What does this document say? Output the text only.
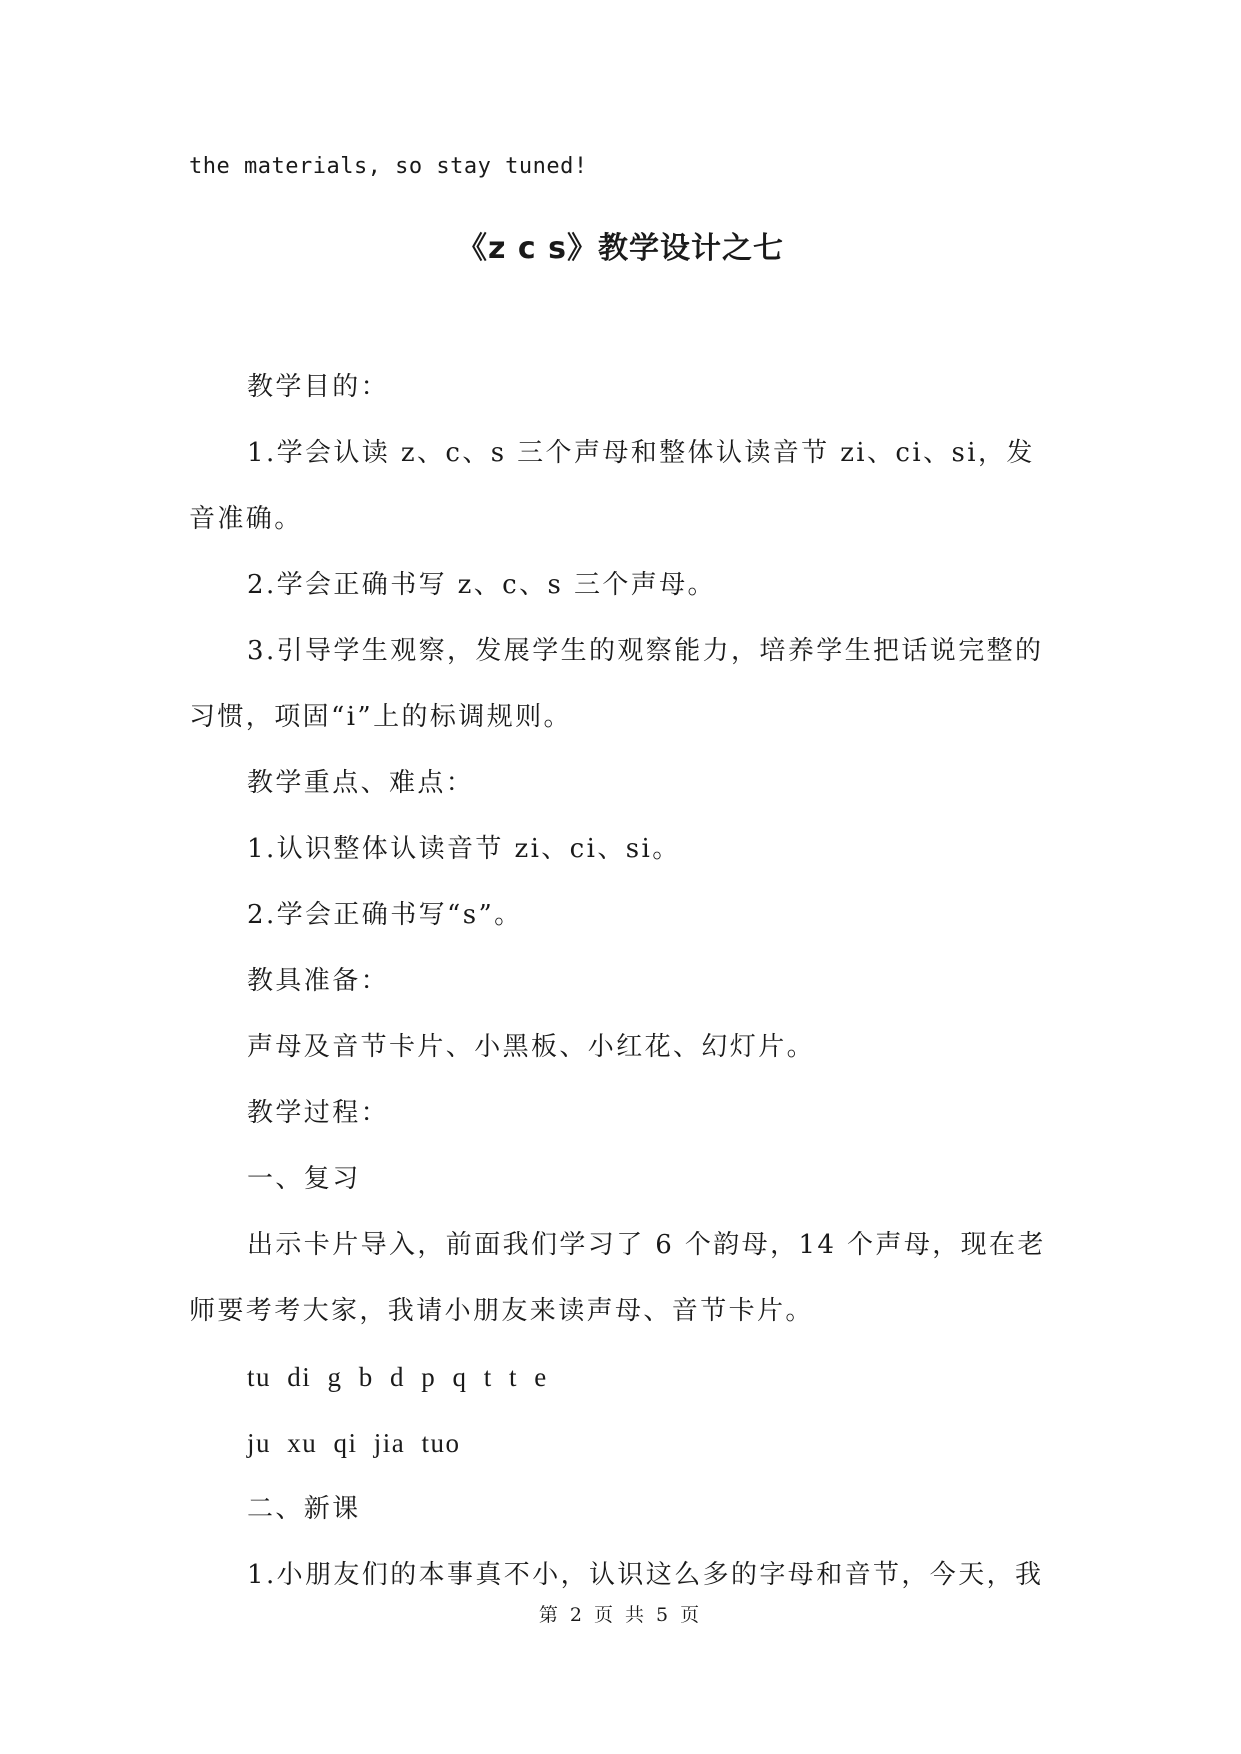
the materials, so stay tuned!
《z c s》教学设计之七

教学目的：

1.学会认读 z、c、s 三个声母和整体认读音节 zi、ci、si，发

音准确。

2.学会正确书写 z、c、s 三个声母。

3.引导学生观察，发展学生的观察能力，培养学生把话说完整的

习惯，项固“i”上的标调规则。

教学重点、难点：

1.认识整体认读音节 zi、ci、si。

2.学会正确书写“s”。

教具准备：

声母及音节卡片、小黑板、小红花、幻灯片。

教学过程：

一、复习

出示卡片导入，前面我们学习了 6 个韵母，14 个声母，现在老

师要考考大家，我请小朋友来读声母、音节卡片。

tu di g b d p q t t e

ju xu qi jia tuo

二、新课

1.小朋友们的本事真不小，认识这么多的字母和音节，今天，我

第 2 页 共 5 页
